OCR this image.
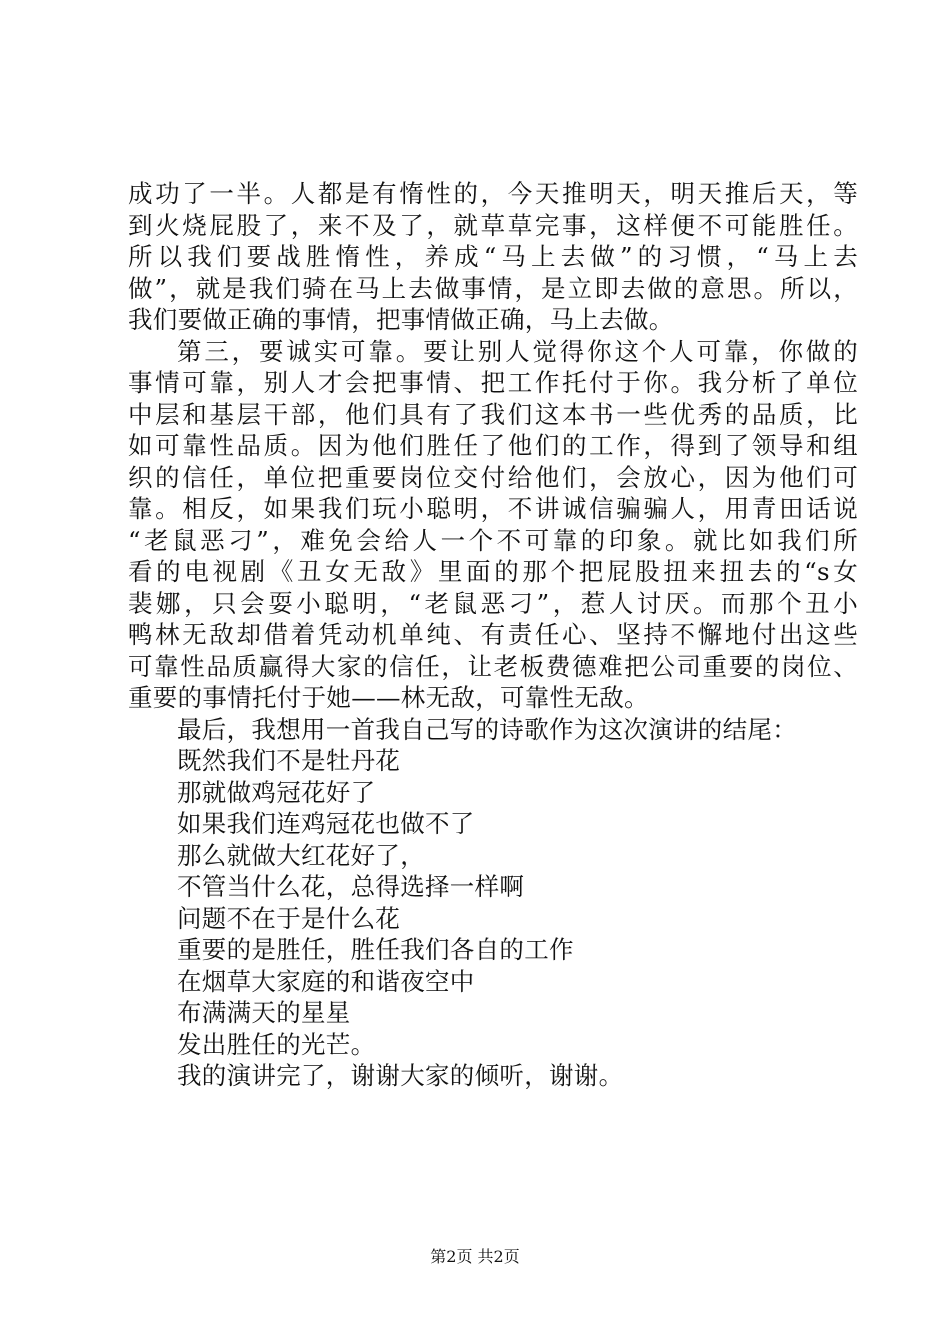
成功了一半。人都是有惰性的，今天推明天，明天推后天，等
到火烧屁股了，来不及了，就草草完事，这样便不可能胜任。
所以我们要战胜惰性，养成“马上去做”的习惯，“马上去
做”，就是我们骑在马上去做事情，是立即去做的意思。所以，
我们要做正确的事情，把事情做正确，马上去做。
第三，要诚实可靠。要让别人觉得你这个人可靠，你做的
事情可靠，别人才会把事情、把工作托付于你。我分析了单位
中层和基层干部，他们具有了我们这本书一些优秀的品质，比
如可靠性品质。因为他们胜任了他们的工作，得到了领导和组
织的信任，单位把重要岗位交付给他们，会放心，因为他们可
靠。相反，如果我们玩小聪明，不讲诚信骗骗人，用青田话说
“老鼠恶刁”，难免会给人一个不可靠的印象。就比如我们所
看的电视剧《丑女无敌》里面的那个把屁股扭来扭去的“s女
裴娜，只会耍小聪明，“老鼠恶刁”，惹人讨厌。而那个丑小
鸭林无敌却借着凭动机单纯、有责任心、坚持不懈地付出这些
可靠性品质赢得大家的信任，让老板费德难把公司重要的岗位、
重要的事情托付于她——林无敌，可靠性无敌。
最后，我想用一首我自己写的诗歌作为这次演讲的结尾：
既然我们不是牡丹花
那就做鸡冠花好了
如果我们连鸡冠花也做不了
那么就做大红花好了，
不管当什么花，总得选择一样啊
问题不在于是什么花
重要的是胜任，胜任我们各自的工作
在烟草大家庭的和谐夜空中
布满满天的星星
发出胜任的光芒。
我的演讲完了，谢谢大家的倾听，谢谢。
第2页 共2页
